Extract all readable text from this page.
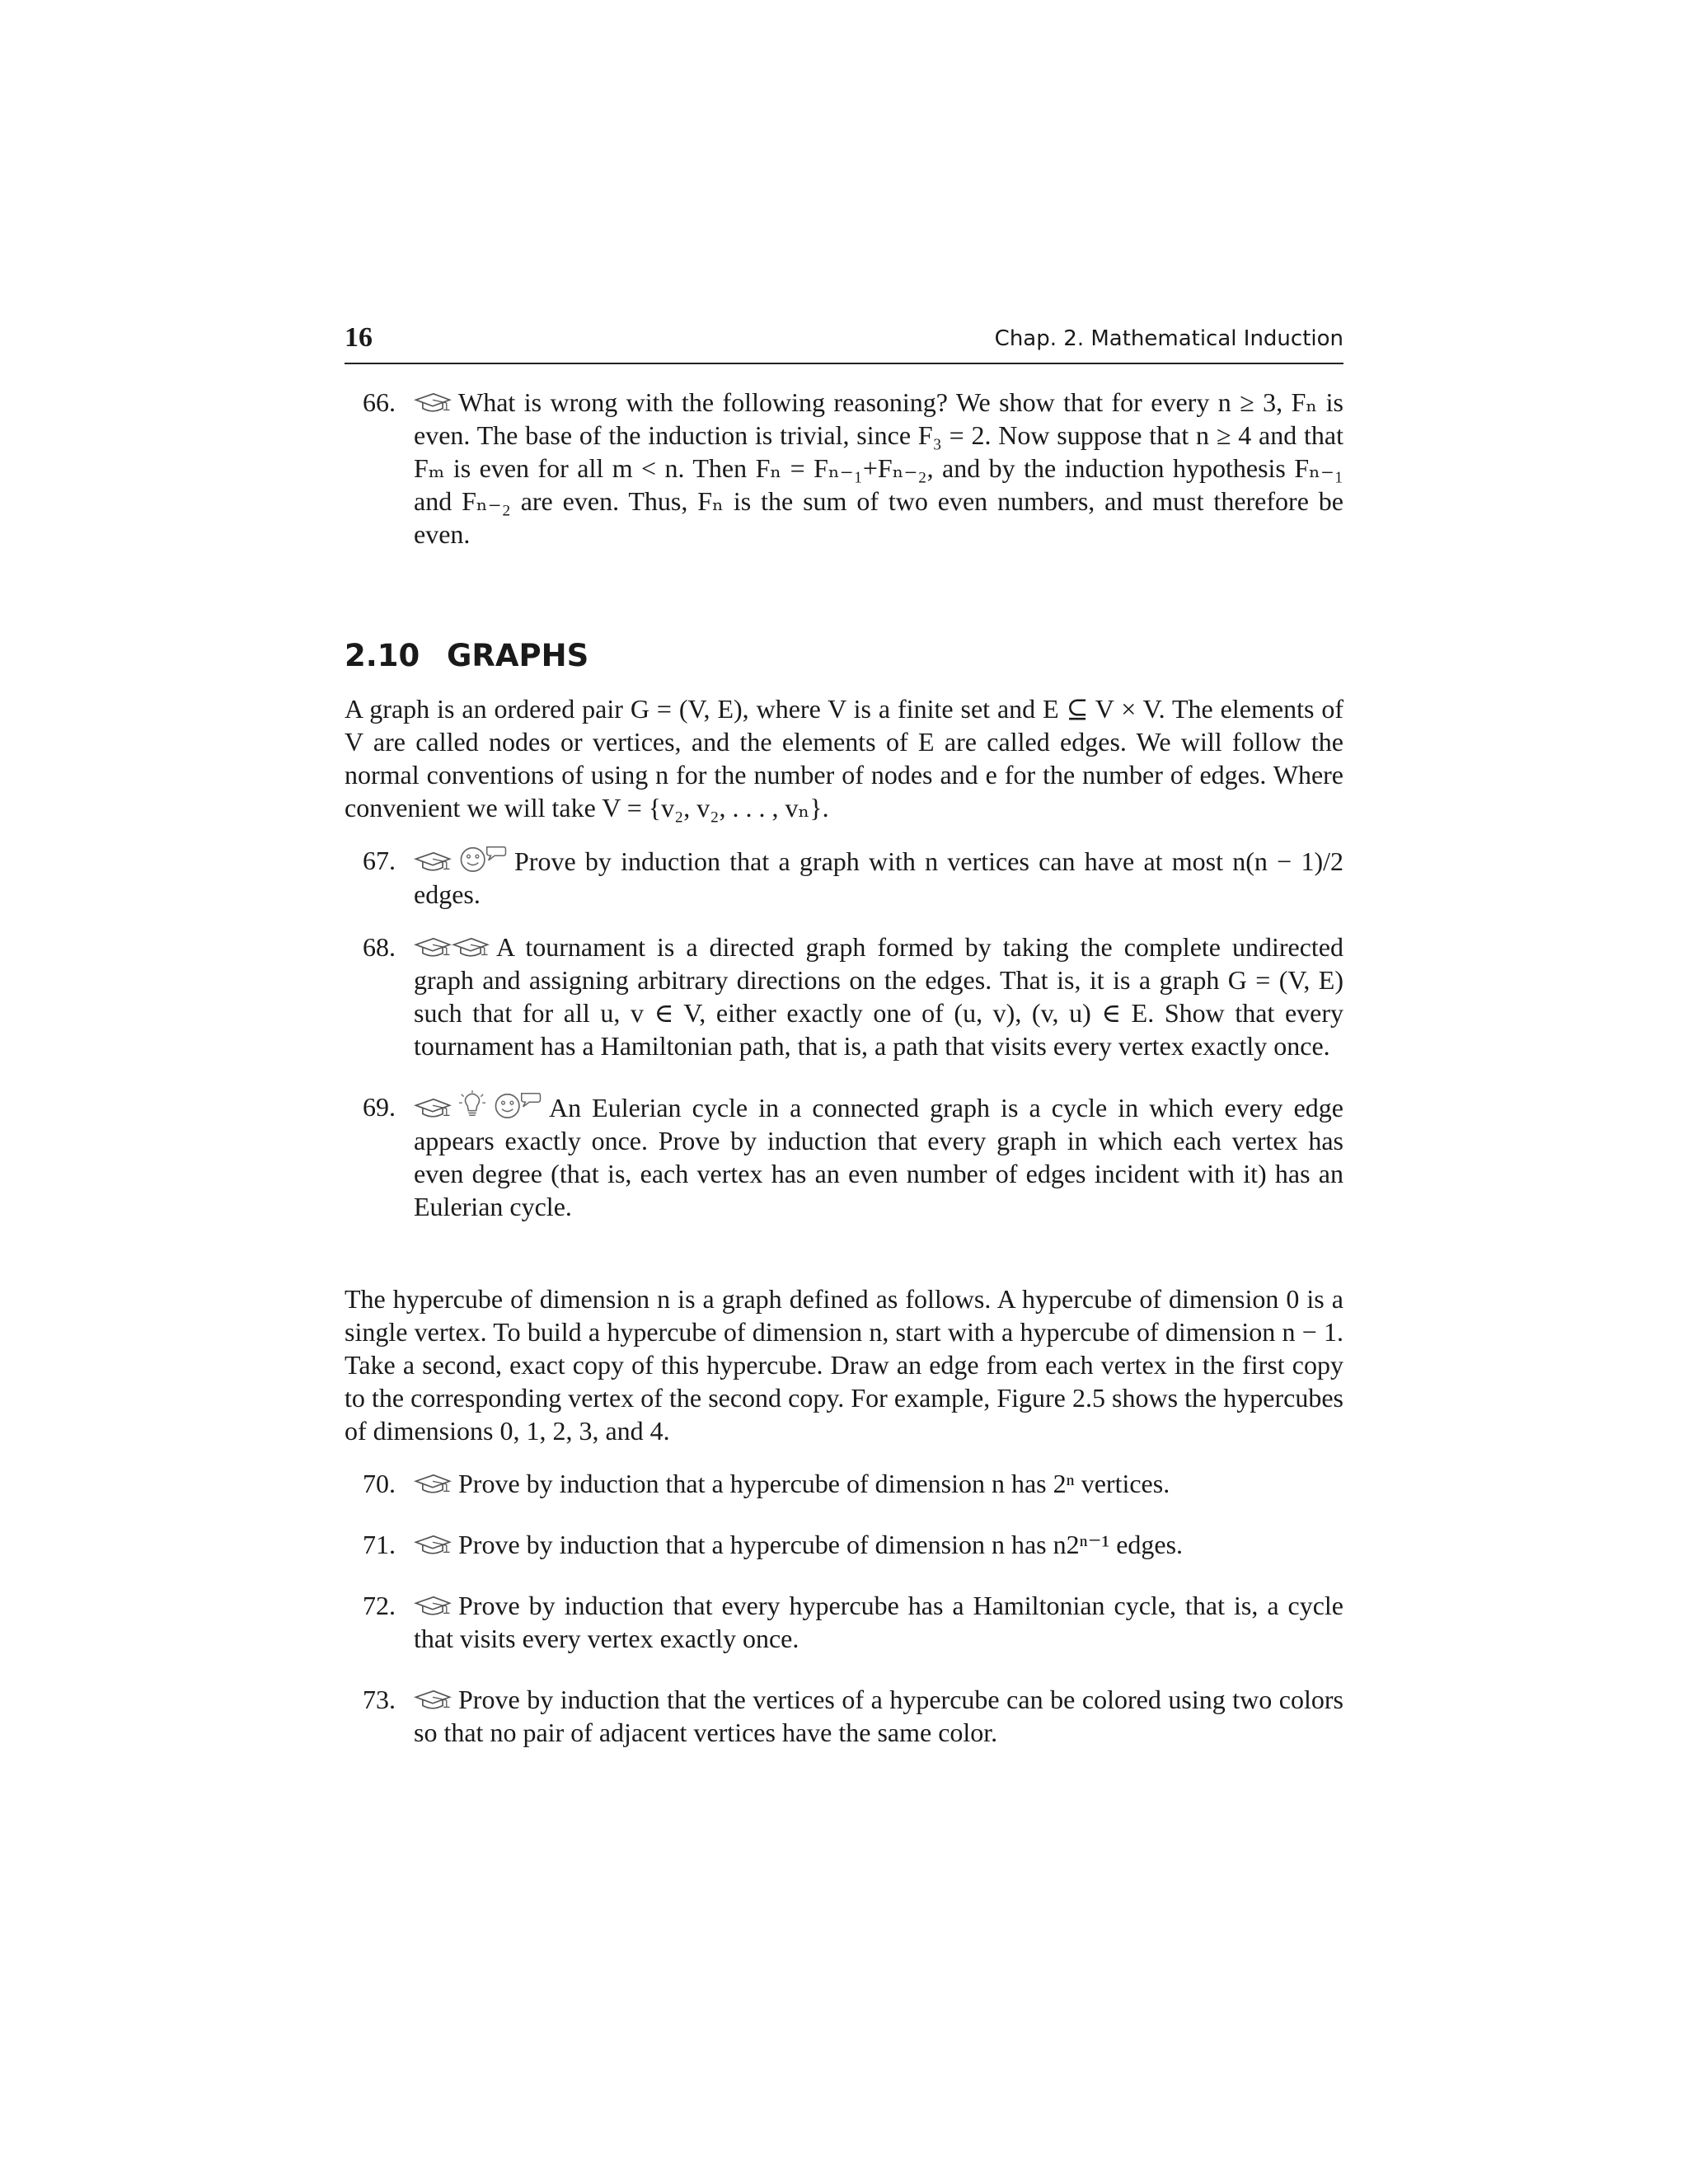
16	Chap. 2. Mathematical Induction
66.	What is wrong with the following reasoning? We show that for every n ≥ 3, Fₙ is even. The base of the induction is trivial, since F₃ = 2. Now suppose that n ≥ 4 and that Fₘ is even for all m < n. Then Fₙ = Fₙ₋₁+Fₙ₋₂, and by the induction hypothesis Fₙ₋₁ and Fₙ₋₂ are even. Thus, Fₙ is the sum of two even numbers, and must therefore be even.

2.10 GRAPHS

A graph is an ordered pair G = (V, E), where V is a finite set and E ⊆ V × V. The elements of V are called nodes or vertices, and the elements of E are called edges. We will follow the normal conventions of using n for the number of nodes and e for the number of edges. Where convenient we will take V = {v₂, v₂, . . . , vₙ}.

67.	Prove by induction that a graph with n vertices can have at most n(n − 1)/2 edges.

68.	A tournament is a directed graph formed by taking the complete undirected graph and assigning arbitrary directions on the edges. That is, it is a graph G = (V, E) such that for all u, v ∈ V, either exactly one of (u, v), (v, u) ∈ E. Show that every tournament has a Hamiltonian path, that is, a path that visits every vertex exactly once.

69.	An Eulerian cycle in a connected graph is a cycle in which every edge appears exactly once. Prove by induction that every graph in which each vertex has even degree (that is, each vertex has an even number of edges incident with it) has an Eulerian cycle.

The hypercube of dimension n is a graph defined as follows. A hypercube of dimension 0 is a single vertex. To build a hypercube of dimension n, start with a hypercube of dimension n − 1. Take a second, exact copy of this hypercube. Draw an edge from each vertex in the first copy to the corresponding vertex of the second copy. For example, Figure 2.5 shows the hypercubes of dimensions 0, 1, 2, 3, and 4.

70.	Prove by induction that a hypercube of dimension n has 2ⁿ vertices.

71.	Prove by induction that a hypercube of dimension n has n2ⁿ⁻¹ edges.

72.	Prove by induction that every hypercube has a Hamiltonian cycle, that is, a cycle that visits every vertex exactly once.

73.	Prove by induction that the vertices of a hypercube can be colored using two colors so that no pair of adjacent vertices have the same color.
